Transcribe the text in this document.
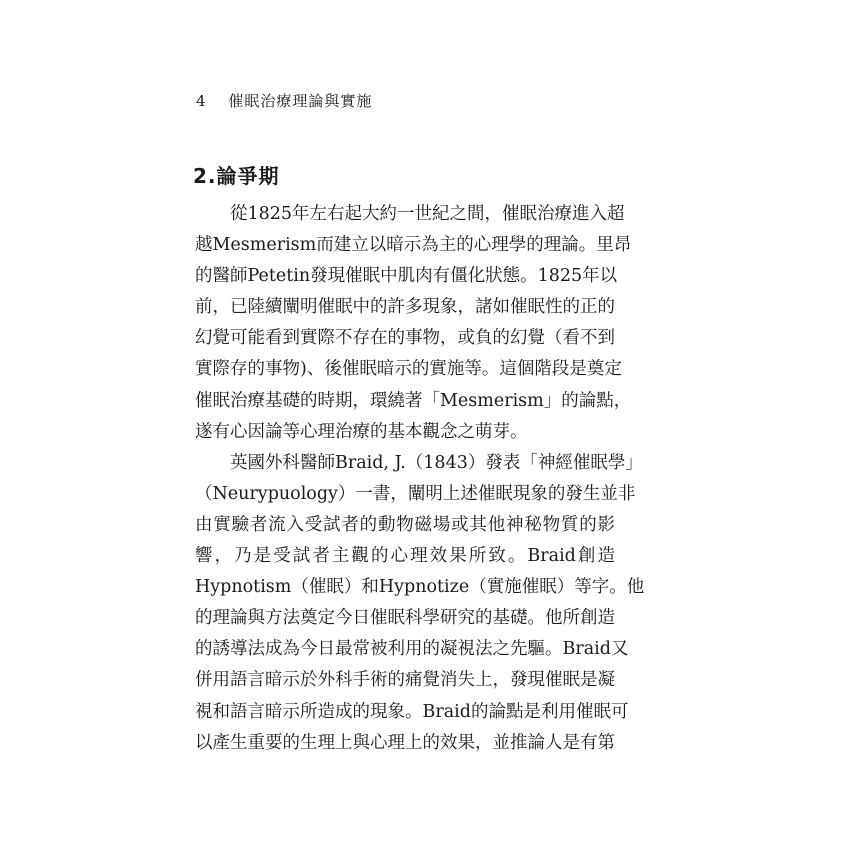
4 催眠治療理論與實施
2.論爭期
從1825年左右起大約一世紀之間，催眠治療進入超
越Mesmerism而建立以暗示為主的心理學的理論。里昂
的醫師Petetin發現催眠中肌肉有僵化狀態。1825年以
前，已陸續闡明催眠中的許多現象，諸如催眠性的正的
幻覺可能看到實際不存在的事物，或負的幻覺（看不到
實際存的事物)、後催眠暗示的實施等。這個階段是奠定
催眠治療基礎的時期，環繞著「Mesmerism」的論點，
遂有心因論等心理治療的基本觀念之萌芽。
英國外科醫師Braid, J.（1843）發表「神經催眠學」
（Neurypuology）一書，闡明上述催眠現象的發生並非
由實驗者流入受試者的動物磁場或其他神秘物質的影
響，乃是受試者主觀的心理效果所致。Braid創造
Hypnotism（催眠）和Hypnotize（實施催眠）等字。他
的理論與方法奠定今日催眠科學研究的基礎。他所創造
的誘導法成為今日最常被利用的凝視法之先驅。Braid又
併用語言暗示於外科手術的痛覺消失上，發現催眠是凝
視和語言暗示所造成的現象。Braid的論點是利用催眠可
以產生重要的生理上與心理上的效果，並推論人是有第
